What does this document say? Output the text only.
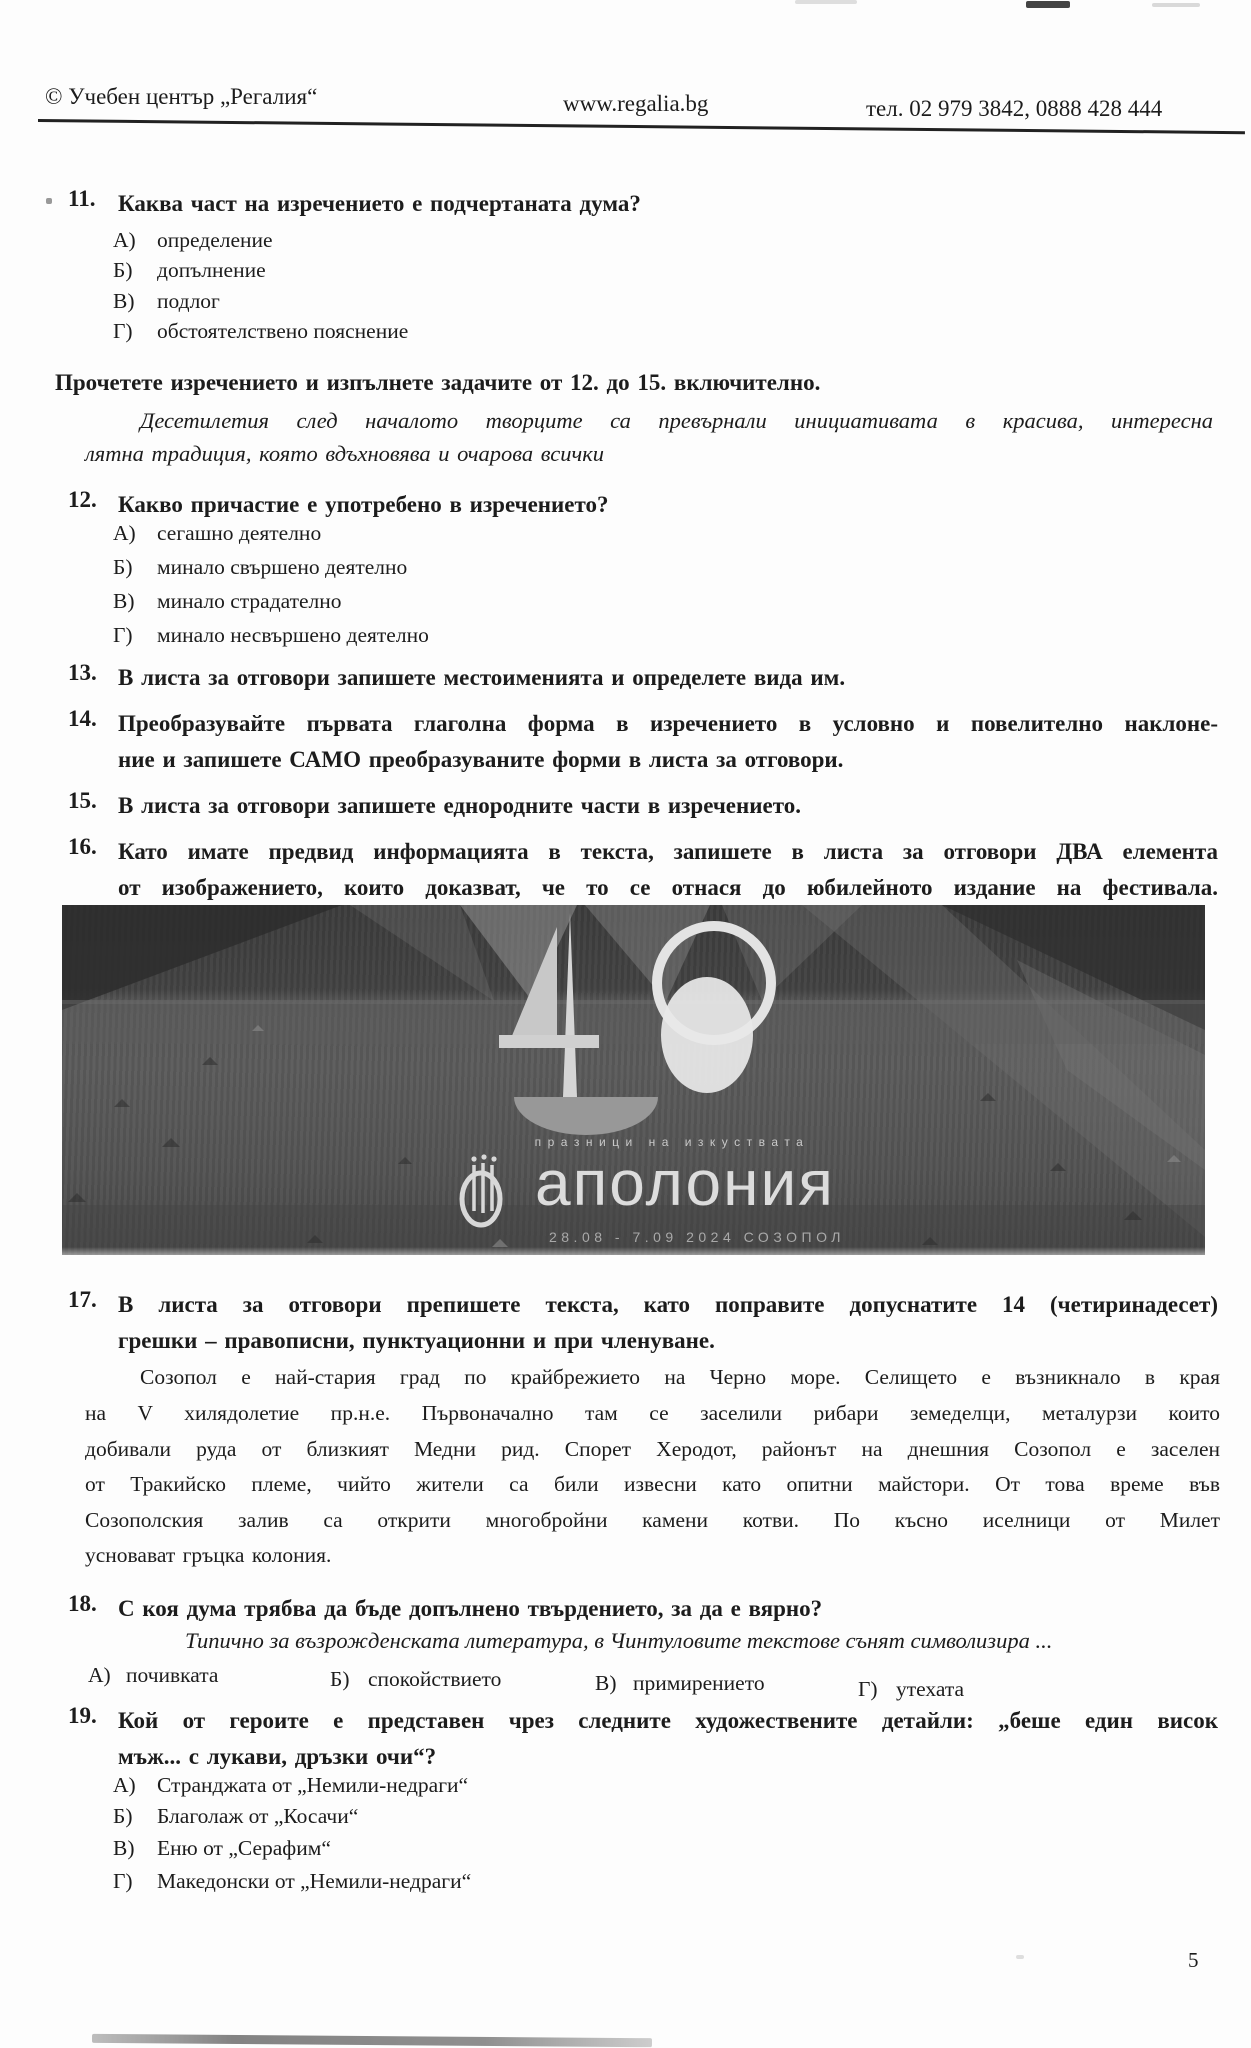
© Учебен център „Регалия“	www.regalia.bg	тел. 02 979 3842, 0888 428 444
11. Каква част на изречението е подчертаната дума?
А) определение
Б) допълнение
В) подлог
Г) обстоятелствено пояснение
Прочетете изречението и изпълнете задачите от 12. до 15. включително.
Десетилетия след началото творците са превърнали инициативата в красива, интересна
лятна традиция, която вдъхновява и очарова всички
12. Какво причастие е употребено в изречението?
А) сегашно деятелно
Б) минало свършено деятелно
В) минало страдателно
Г) минало несвършено деятелно
13. В листа за отговори запишете местоименията и определете вида им.
14. Преобразувайте първата глаголна форма в изречението в условно и повелително наклоне-
ние и запишете САМО преобразуваните форми в листа за отговори.
15. В листа за отговори запишете еднородните части в изречението.
16. Като имате предвид информацията в текста, запишете в листа за отговори ДВА елемента
от изображението, които доказват, че то се отнася до юбилейното издание на фестивала.
празници на изкуствата
аполония
28.08 - 7.09 2024 СОЗОПОЛ
17. В листа за отговори препишете текста, като поправите допуснатите 14 (четиринадесет)
грешки – правописни, пунктуационни и при членуване.
Созопол е най-стария град по крайбрежието на Черно море. Селището е възникнало в края
на V хилядолетие пр.н.е. Първоначално там се заселили рибари земеделци, металурзи които
добивали руда от близкият Медни рид. Спорет Херодот, районът на днешния Созопол е заселен
от Тракийско племе, чийто жители са били извесни като опитни майстори. От това време във
Созополския залив са открити многобройни камени котви. По късно иселници от Милет
усновават гръцка колония.
18. С коя дума трябва да бъде допълнено твърдението, за да е вярно?
Типично за възрожденската литература, в Чинтуловите текстове сънят символизира ...
А) почивката	Б) спокойствието	В) примирението	Г) утехата
19. Кой от героите е представен чрез следните художествените детайли: „беше един висок
мъж... с лукави, дръзки очи“?
А) Странджата от „Немили-недраги“
Б) Благолаж от „Косачи“
В) Еню от „Серафим“
Г) Македонски от „Немили-недраги“
5
